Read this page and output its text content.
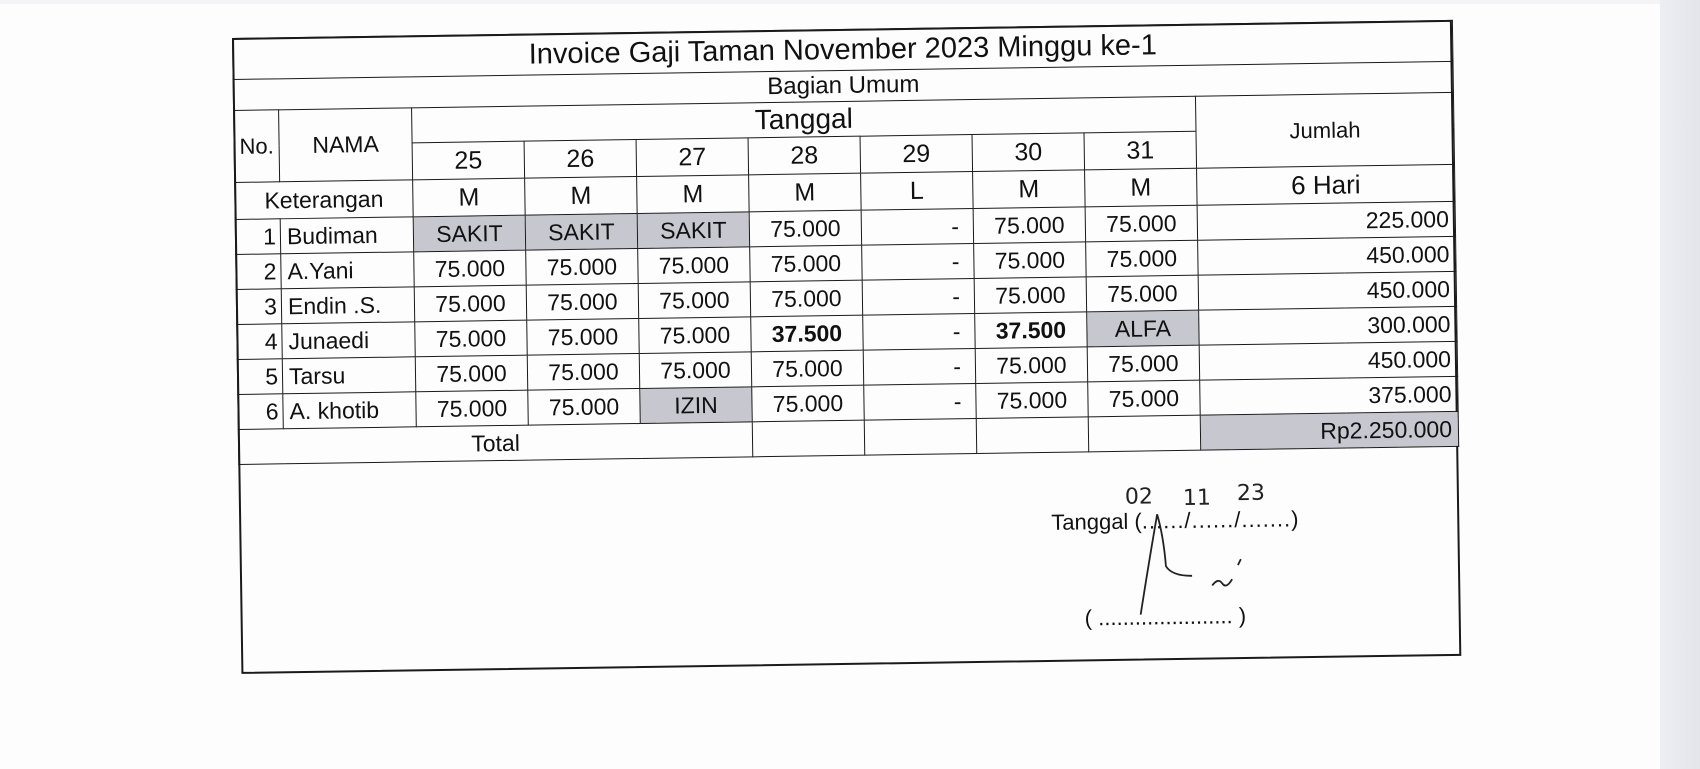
Invoice Gaji Taman November 2023 Minggu ke-1									
Bagian Umum									
No.	NAMA	Tanggal							Jumlah
		25	26	27	28	29	30	31	
Keterangan		M	M	M	M	L	M	M	6 Hari
1	Budiman	SAKIT	SAKIT	SAKIT	75.000	-	75.000	75.000	225.000
2	A.Yani	75.000	75.000	75.000	75.000	-	75.000	75.000	450.000
3	Endin .S.	75.000	75.000	75.000	75.000	-	75.000	75.000	450.000
4	Junaedi	75.000	75.000	75.000	37.500	-	37.500	ALFA	300.000
5	Tarsu	75.000	75.000	75.000	75.000	-	75.000	75.000	450.000
6	A. khotib	75.000	75.000	IZIN	75.000	-	75.000	75.000	375.000
Total									Rp2.250.000
Tanggal (....../....../.......)
02 11 23
( ...................... )
